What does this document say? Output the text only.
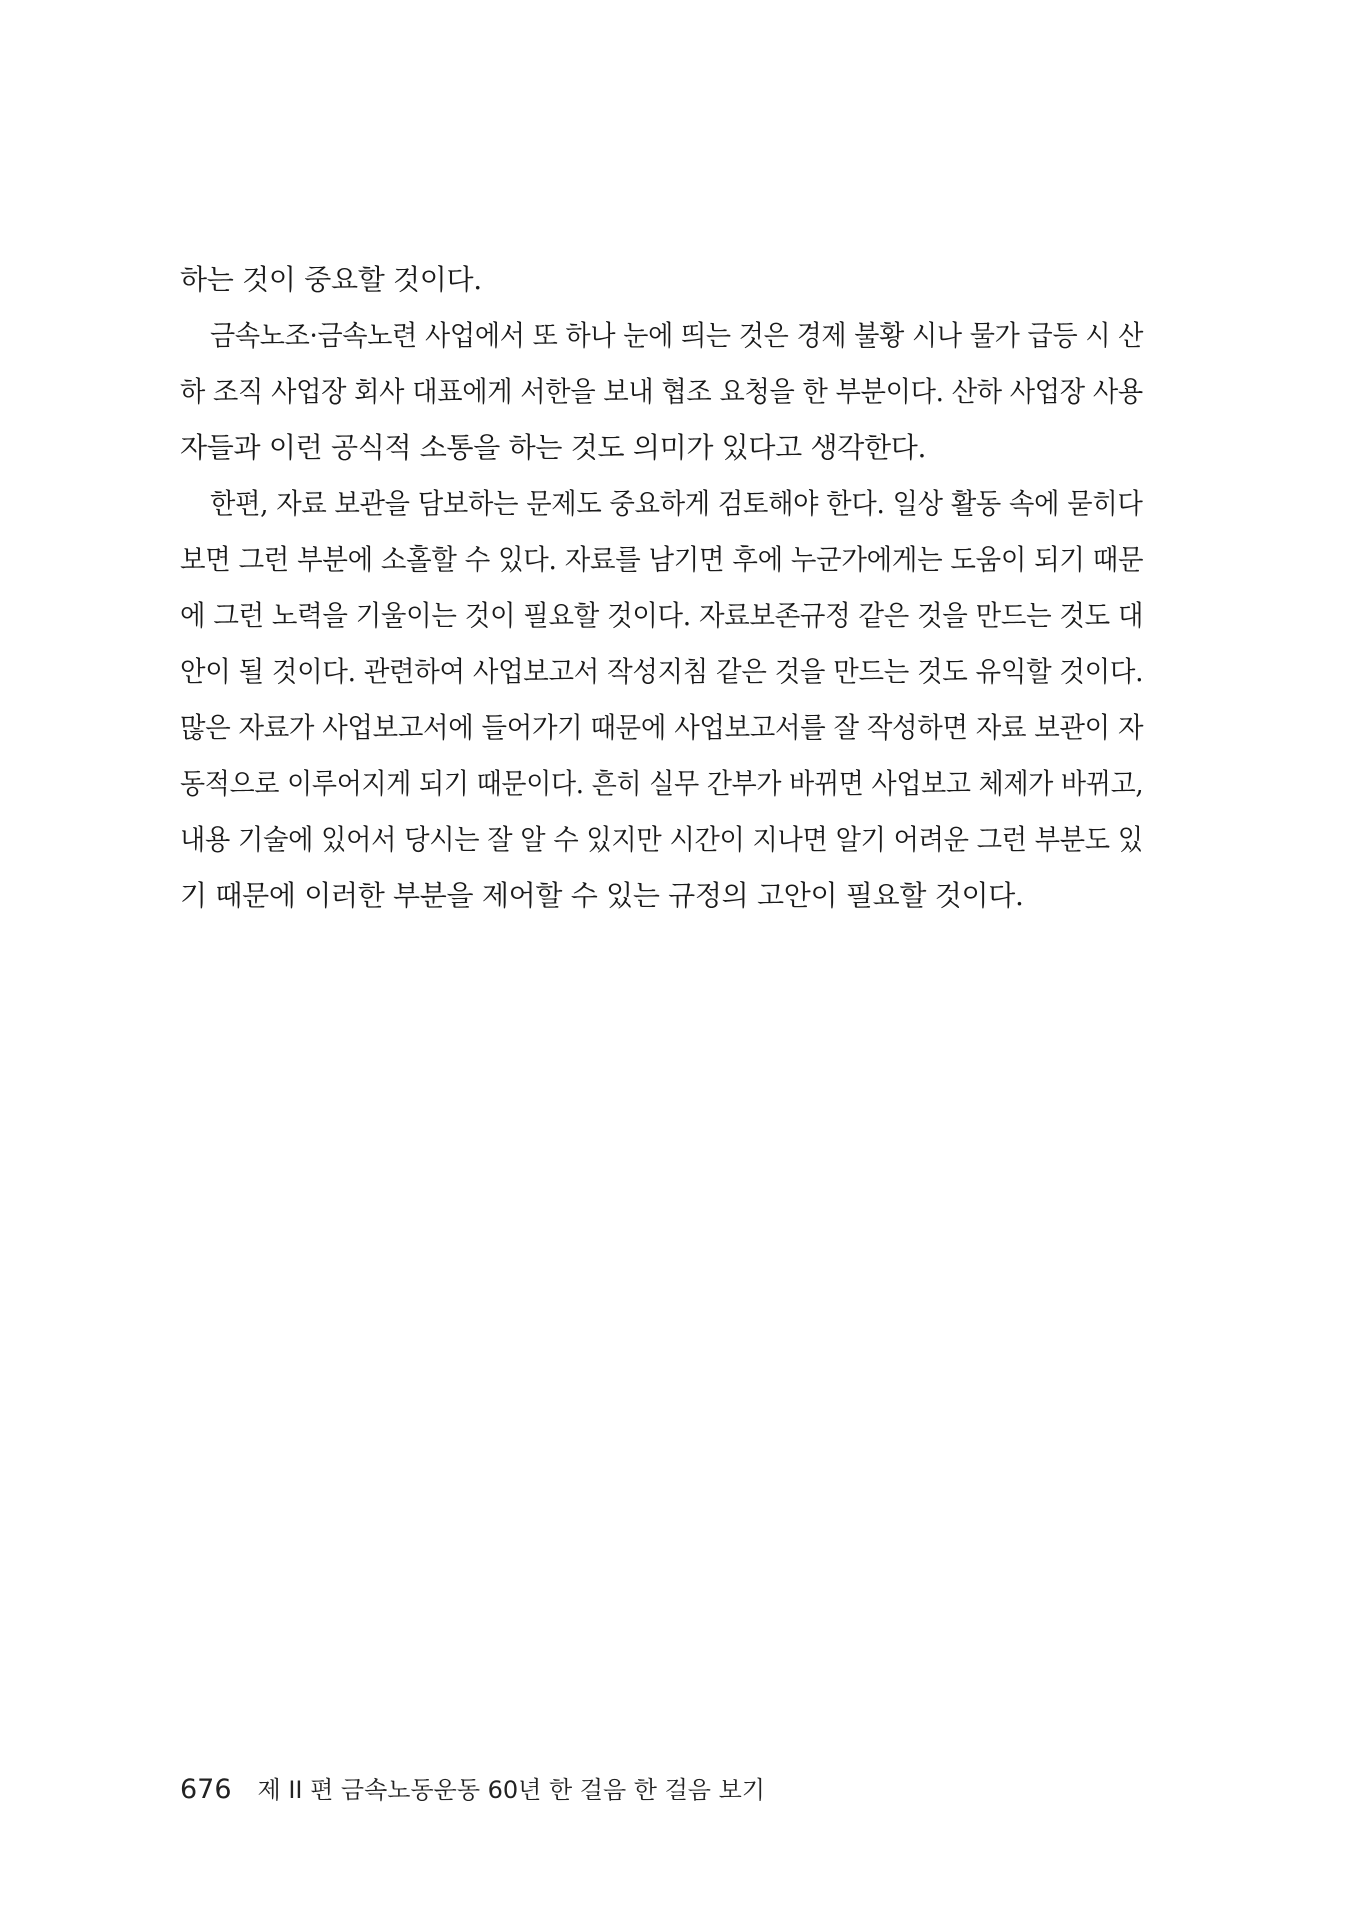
하는 것이 중요할 것이다.
금속노조·금속노련 사업에서 또 하나 눈에 띄는 것은 경제 불황 시나 물가 급등 시 산
하 조직 사업장 회사 대표에게 서한을 보내 협조 요청을 한 부분이다. 산하 사업장 사용
자들과 이런 공식적 소통을 하는 것도 의미가 있다고 생각한다.
한편, 자료 보관을 담보하는 문제도 중요하게 검토해야 한다. 일상 활동 속에 묻히다
보면 그런 부분에 소홀할 수 있다. 자료를 남기면 후에 누군가에게는 도움이 되기 때문
에 그런 노력을 기울이는 것이 필요할 것이다. 자료보존규정 같은 것을 만드는 것도 대
안이 될 것이다. 관련하여 사업보고서 작성지침 같은 것을 만드는 것도 유익할 것이다.
많은 자료가 사업보고서에 들어가기 때문에 사업보고서를 잘 작성하면 자료 보관이 자
동적으로 이루어지게 되기 때문이다. 흔히 실무 간부가 바뀌면 사업보고 체제가 바뀌고,
내용 기술에 있어서 당시는 잘 알 수 있지만 시간이 지나면 알기 어려운 그런 부분도 있
기 때문에 이러한 부분을 제어할 수 있는 규정의 고안이 필요할 것이다.
676 제 II 편 금속노동운동 60년 한 걸음 한 걸음 보기
